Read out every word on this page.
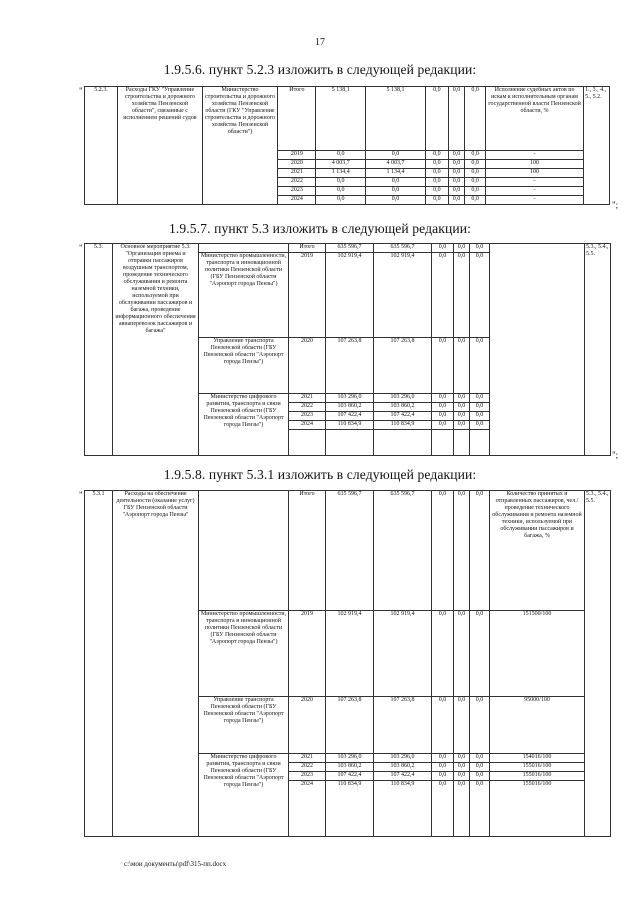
17
1.9.5.6. пункт 5.2.3 изложить в следующей редакции:
" 5.2.3.	Расходы ГКУ "Управление строительства и дорожного хозяйства Пензенской области", связанные с исполнением решений судов	Министерство строительства и дорожного хозяйства Пензенской области (ГКУ "Управление строительства и дорожного хозяйства Пензенской области")	Итого	5 138,1	5 138,1	0,0	0,0	0,0	Исполнение судебных актов по искам к исполнительным органам государственной власти Пензенской области, %	1., 3., 4., 5., 5.2.
			2019	0,0	0,0	0,0	0,0	0,0	-	
			2020	4 003,7	4 003,7	0,0	0,0	0,0	100	
			2021	1 134,4	1 134,4	0,0	0,0	0,0	100	
			2022	0,0	0,0	0,0	0,0	0,0	-	
			2023	0,0	0,0	0,0	0,0	0,0	-	
			2024	0,0	0,0	0,0	0,0	0,0	-	
";
1.9.5.7. пункт 5.3 изложить в следующей редакции:
" 5.3.	Основное мероприятие 5.3. "Организация приема и отправки пассажиров воздушным транспортом, проведение технического обслуживания и ремонта наземной техники, используемой при обслуживании пассажиров и багажа, проведение информационного обеспечения авиаперевозок пассажиров и багажа"		Итого	635 596,7	635 596,7	0,0	0,0	0,0		5.3., 5.4., 5.5.
		Министерство промышленности, транспорта и инновационной политики Пензенской области (ГБУ Пензенской области "Аэропорт города Пензы")	2019	102 919,4	102 919,4	0,0	0,0	0,0		
		Управление транспорта Пензенской области (ГБУ Пензенской области "Аэропорт города Пензы")	2020	107 263,8	107 263,8	0,0	0,0	0,0		
		Министерство цифрового развития, транспорта и связи Пензенской области (ГБУ Пензенской области "Аэропорт города Пензы")	2021	103 296,0	103 296,0	0,0	0,0	0,0		
			2022	103 860,2	103 860,2	0,0	0,0	0,0		
			2023	107 422,4	107 422,4	0,0	0,0	0,0		
			2024	110 834,9	110 834,9	0,0	0,0	0,0		

";
1.9.5.8. пункт 5.3.1 изложить в следующей редакции:
" 5.3.1	Расходы на обеспечение деятельности (оказание услуг) ГБУ Пензенской области "Аэропорт города Пензы"		Итого	635 596,7	635 596,7	0,0	0,0	0,0	Количество принятых и отправленных пассажиров, чел./проведение технического обслуживания и ремонта наземной техники, используемой при обслуживании пассажиров и багажа, %	5.3., 5.4., 5.5.
		Министерство промышленности, транспорта и инновационной политики Пензенской области (ГБУ Пензенской области "Аэропорт города Пензы")	2019	102 919,4	102 919,4	0,0	0,0	0,0	151500/100	
		Управление транспорта Пензенской области (ГБУ Пензенской области "Аэропорт города Пензы")	2020	107 263,8	107 263,8	0,0	0,0	0,0	95000/100	
		Министерство цифрового развития, транспорта и связи Пензенской области (ГБУ Пензенской области "Аэропорт города Пензы")	2021	103 296,0	103 296,0	0,0	0,0	0,0	154016/100	
			2022	103 860,2	103 860,2	0,0	0,0	0,0	155016/100	
			2023	107 422,4	107 422,4	0,0	0,0	0,0	155016/100	
			2024	110 834,9	110 834,9	0,0	0,0	0,0	155016/100	
c:\мои документы\pdf\315-пп.docx
